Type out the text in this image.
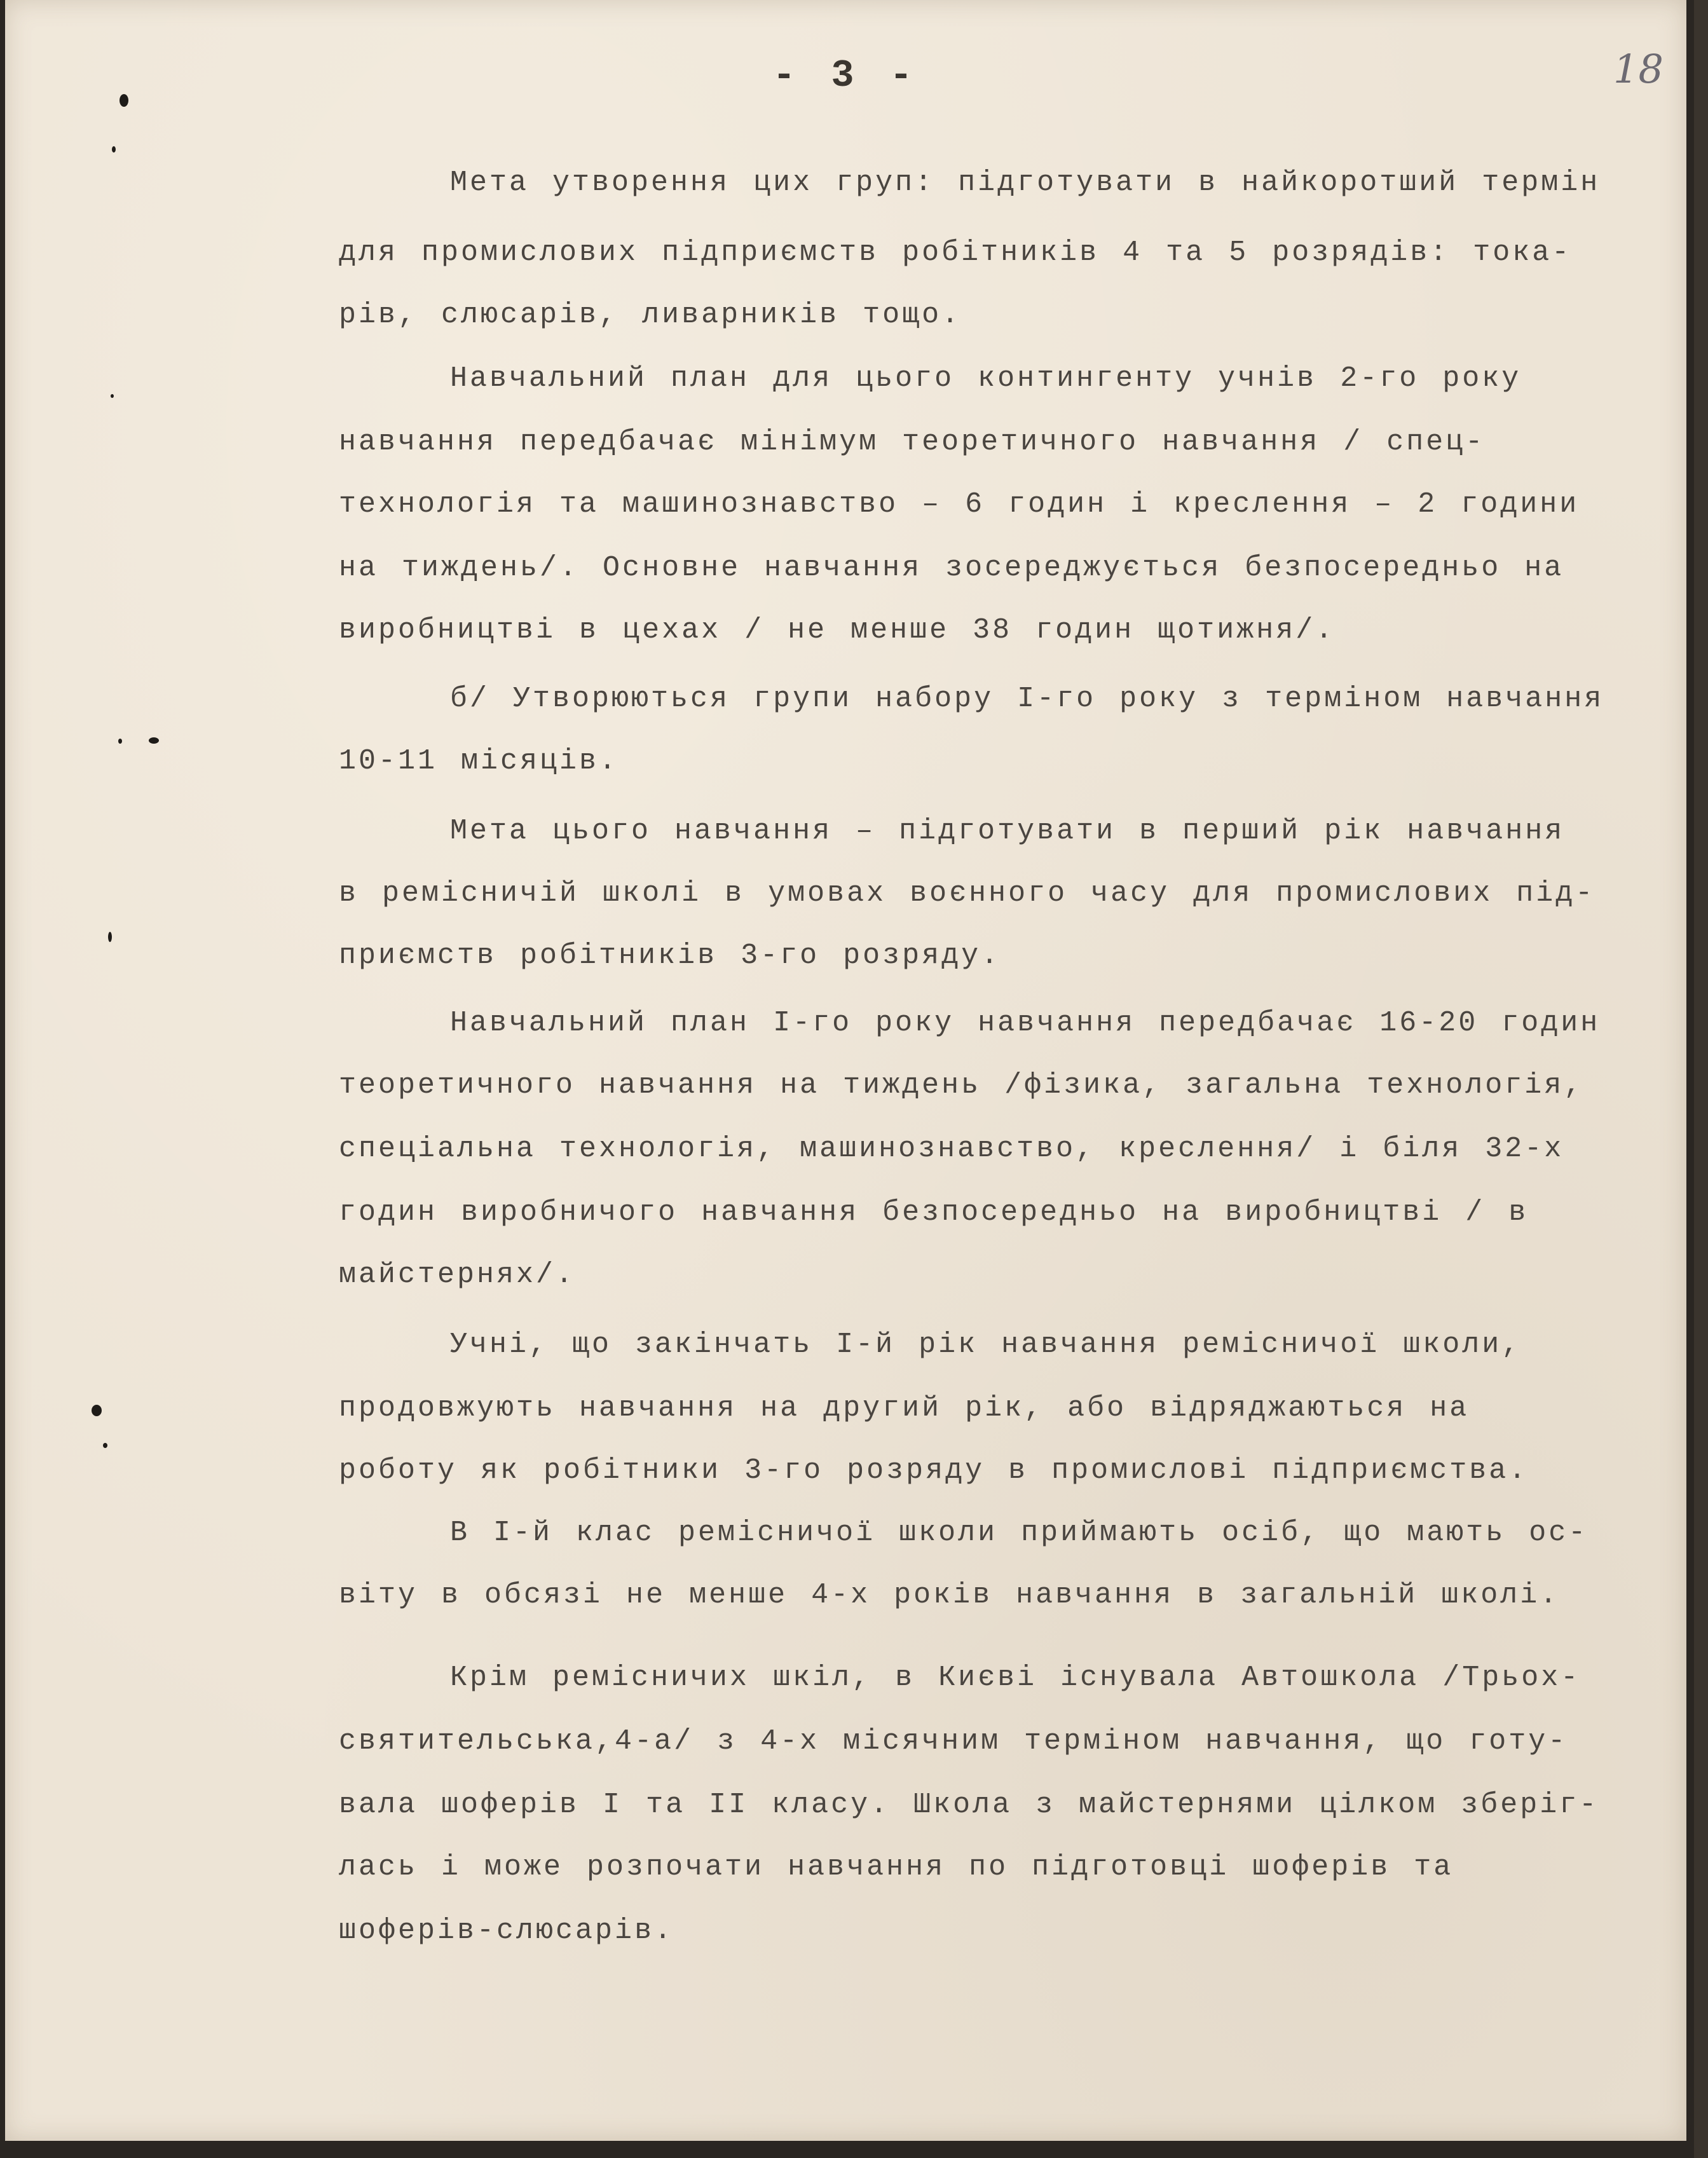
- 3 -	18
Мета утворення цих груп: підготувати в найкоротший термін
для промислових підприємств робітників 4 та 5 розрядів: тока-
рів, слюсарів, ливарників тощо.
Навчальний план для цього контингенту учнів 2-го року
навчання передбачає мінімум теоретичного навчання / спец-
технологія та машинознавство – 6 годин і креслення – 2 години
на тиждень/. Основне навчання зосереджується безпосередньо на
виробництві в цехах / не менше 38 годин щотижня/.
б/ Утворюються групи набору І-го року з терміном навчання
10-11 місяців.
Мета цього навчання – підготувати в перший рік навчання
в ремісничій школі в умовах воєнного часу для промислових під-
приємств робітників 3-го розряду.
Навчальний план І-го року навчання передбачає 16-20 годин
теоретичного навчання на тиждень /фізика, загальна технологія,
спеціальна технологія, машинознавство, креслення/ і біля 32-х
годин виробничого навчання безпосередньо на виробництві / в
майстернях/.
Учні, що закінчать І-й рік навчання ремісничої школи,
продовжують навчання на другий рік, або відряджаються на
роботу як робітники 3-го розряду в промислові підприємства.
В І-й клас ремісничої школи приймають осіб, що мають ос-
віту в обсязі не менше 4-х років навчання в загальній школі.
Крім ремісничих шкіл, в Києві існувала Автошкола /Трьох-
святительська,4-а/ з 4-х місячним терміном навчання, що готу-
вала шоферів І та ІІ класу. Школа з майстернями цілком зберіг-
лась і може розпочати навчання по підготовці шоферів та
шоферів-слюсарів.
